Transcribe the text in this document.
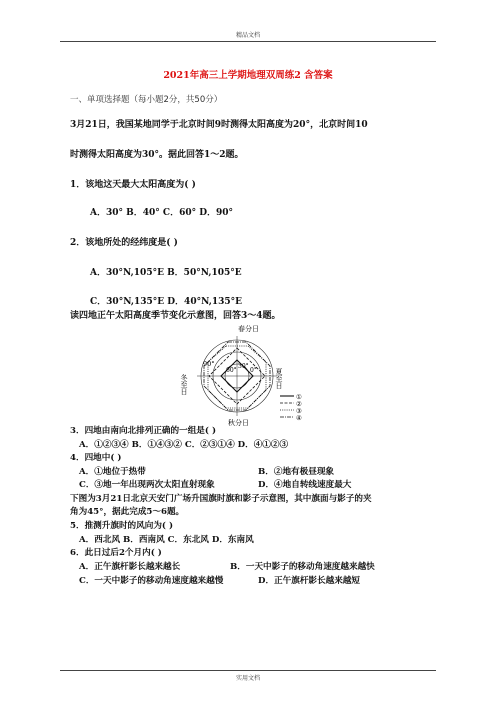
精品文档
2021年高三上学期地理双周练2 含答案
一、单项选择题（每小题2分，共50分）
3月21日，我国某地同学于北京时间9时测得太阳高度为20°，北京时间10
时测得太阳高度为30°。据此回答1～2题。
1．该地这天最大太阳高度为( )
A．30° B．40° C．60° D．90°
2．该地所处的经纬度是( )
A．30°N,105°E B．50°N,105°E
C．30°N,135°E D．40°N,135°E
读四地正午太阳高度季节变化示意图，回答3～4题。
春分日
60°
30°
0°
90°
冬至日	夏至日
秋分日
①
②
③
④
3．四地由南向北排列正确的一组是( )
A．①②③④ B．①④③② C．②③①④ D．④①②③
4．四地中( )
A．①地位于热带	B．②地有极昼现象
C．③地一年出现两次太阳直射现象	D．④地自转线速度最大
下图为3月21日北京天安门广场升国旗时旗和影子示意图，其中旗面与影子的夹
角为45°，据此完成5～6题。
5．推测升旗时的风向为( )
A．西北风 B．西南风 C．东北风 D．东南风
6．此日过后2个月内( )
A．正午旗杆影长越来越长	B．一天中影子的移动角速度越来越快
C．一天中影子的移动角速度越来越慢	D．正午旗杆影长越来越短
实用文档
